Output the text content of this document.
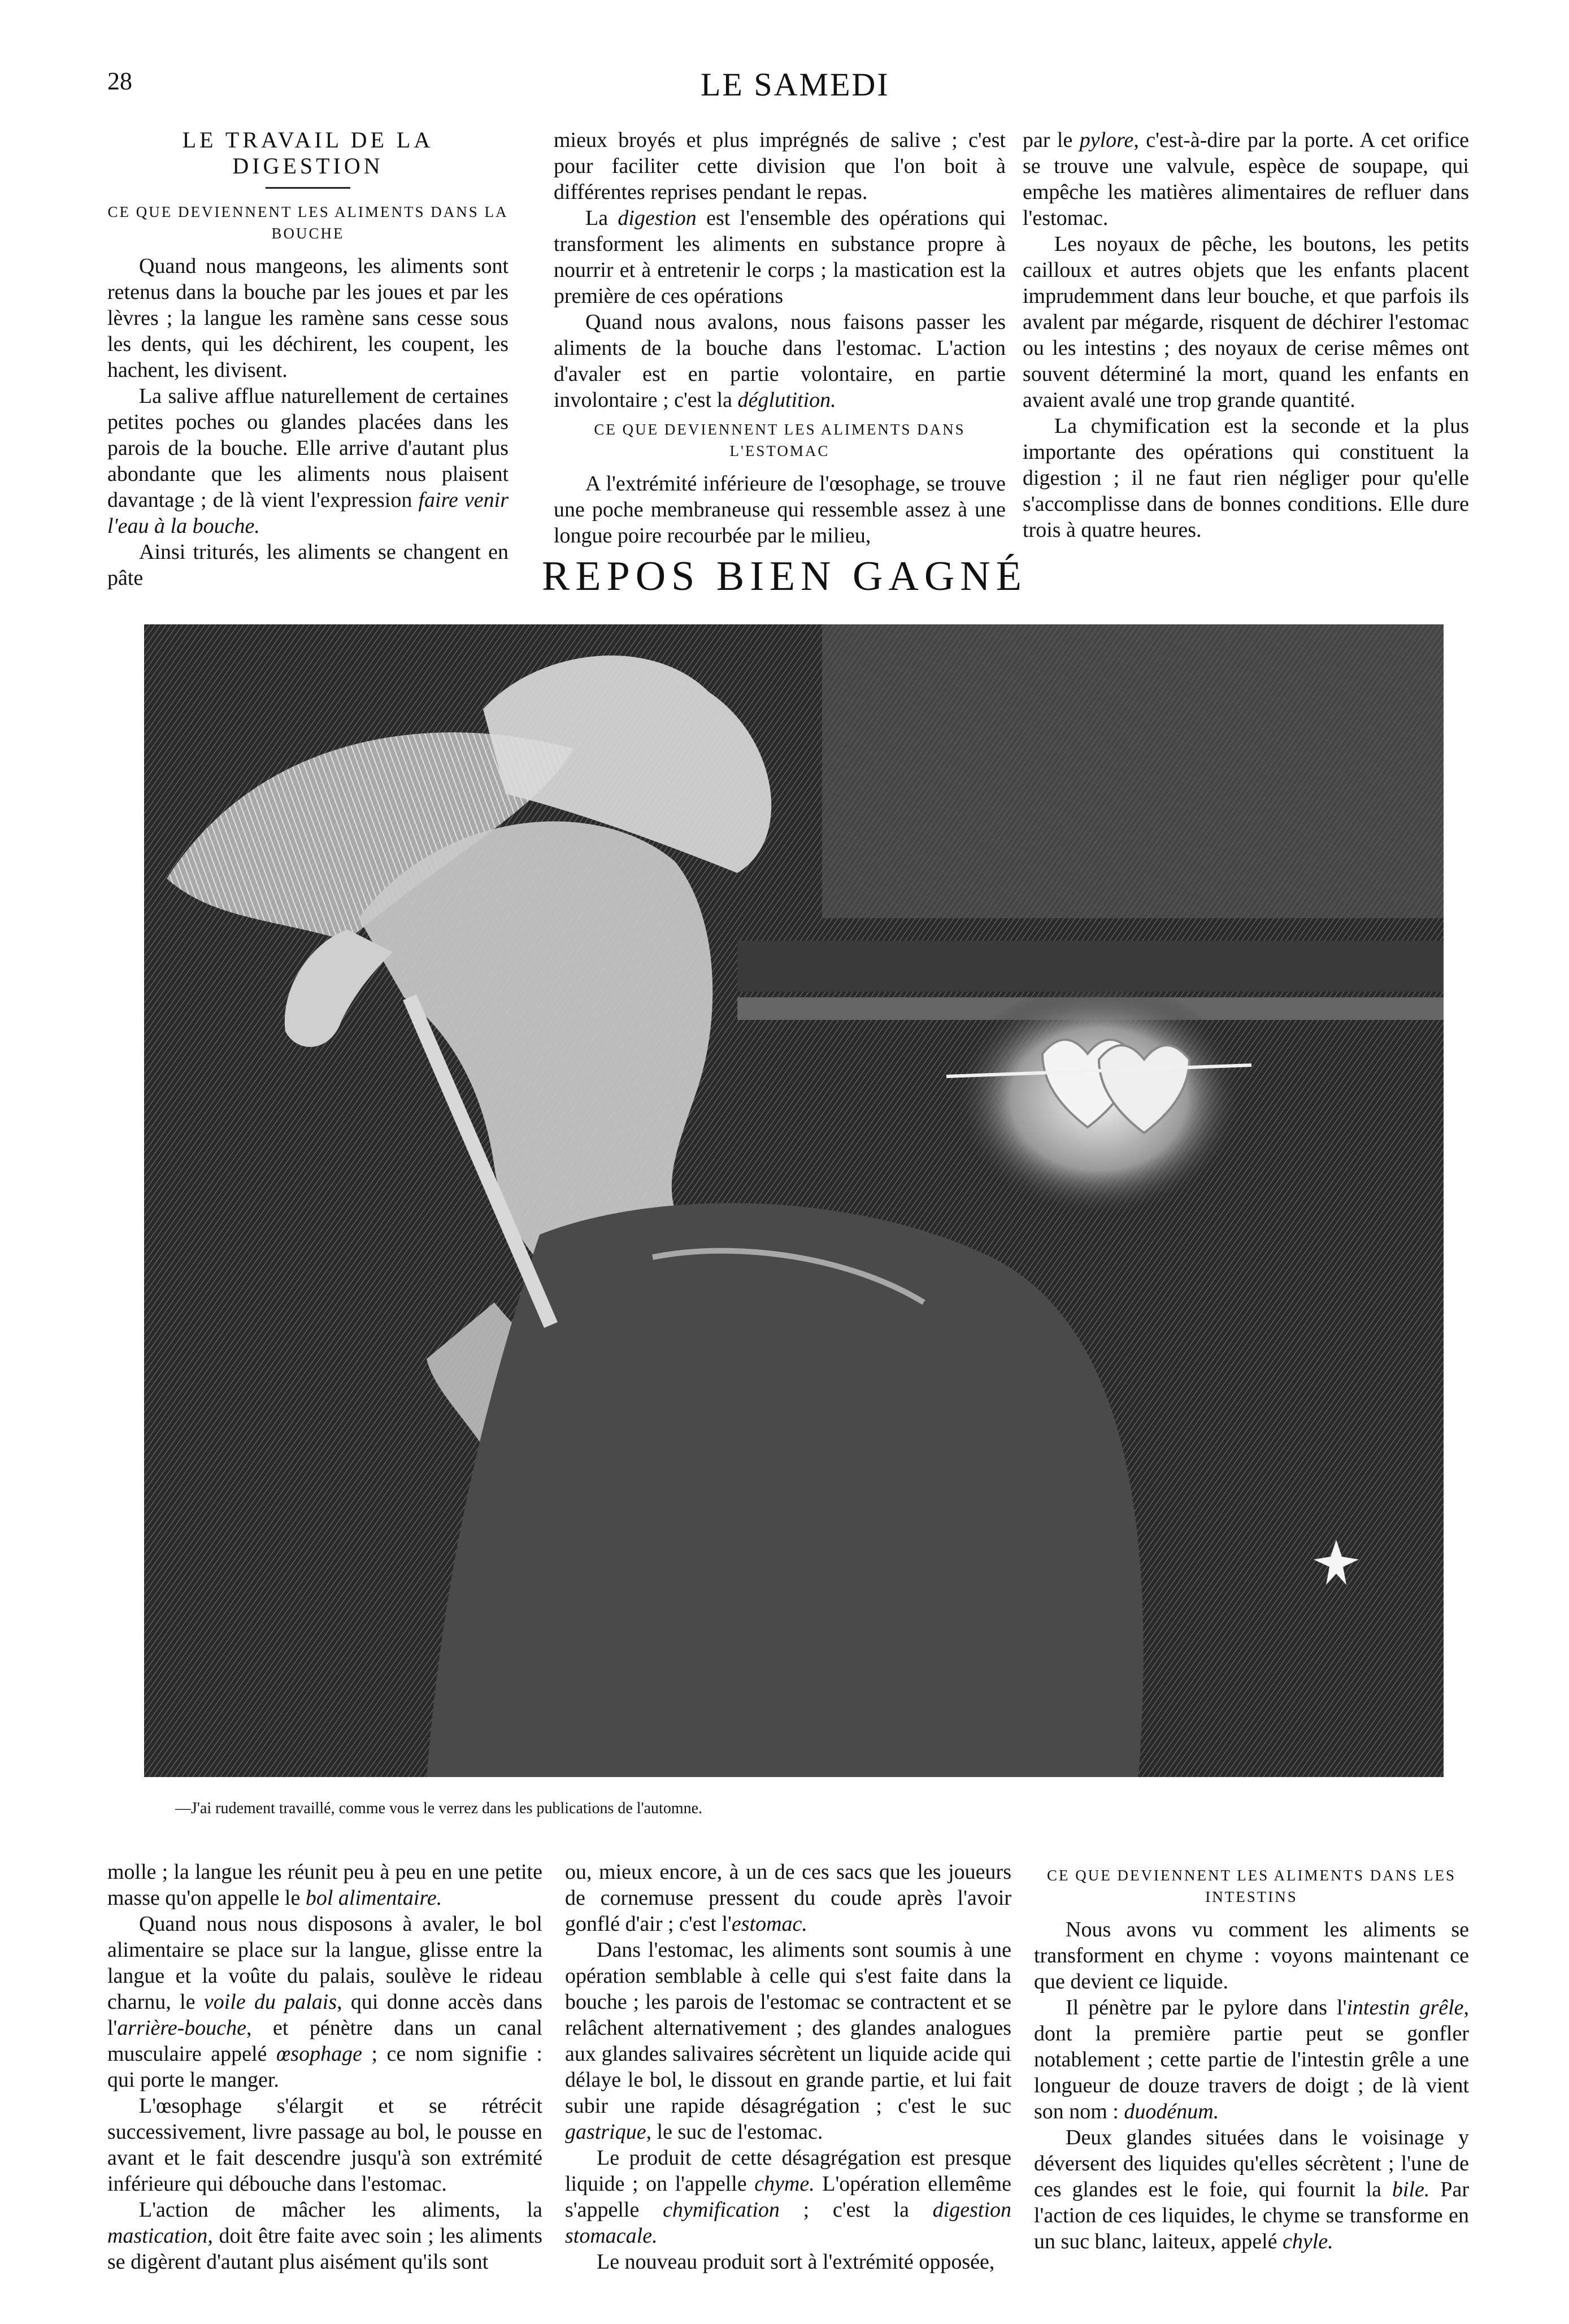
28	LE SAMEDI
LE TRAVAIL DE LA DIGESTION
CE QUE DEVIENNENT LES ALIMENTS DANS LA BOUCHE

Quand nous mangeons, les aliments sont retenus dans la bouche par les joues et par les lèvres ; la langue les ramène sans cesse sous les dents, qui les déchirent, les coupent, les hachent, les divisent.

La salive afflue naturellement de certaines petites poches ou glandes placées dans les parois de la bouche. Elle arrive d'autant plus abondante que les aliments nous plaisent davantage ; de là vient l'expression faire venir l'eau à la bouche.

Ainsi triturés, les aliments se changent en pâte

mieux broyés et plus imprégnés de salive ; c'est pour faciliter cette division que l'on boit à différentes reprises pendant le repas.

La digestion est l'ensemble des opérations qui transforment les aliments en substance propre à nourrir et à entretenir le corps ; la mastication est la première de ces opérations

Quand nous avalons, nous faisons passer les aliments de la bouche dans l'estomac. L'action d'avaler est en partie volontaire, en partie involontaire ; c'est la déglutition.

CE QUE DEVIENNENT LES ALIMENTS DANS L'ESTOMAC

A l'extrémité inférieure de l'œsophage, se trouve une poche membraneuse qui ressemble assez à une longue poire recourbée par le milieu,

par le pylore, c'est-à-dire par la porte. A cet orifice se trouve une valvule, espèce de soupape, qui empêche les matières alimentaires de refluer dans l'estomac.

Les noyaux de pêche, les boutons, les petits cailloux et autres objets que les enfants placent imprudemment dans leur bouche, et que parfois ils avalent par mégarde, risquent de déchirer l'estomac ou les intestins ; des noyaux de cerise mêmes ont souvent déterminé la mort, quand les enfants en avaient avalé une trop grande quantité.

La chymification est la seconde et la plus importante des opérations qui constituent la digestion ; il ne faut rien négliger pour qu'elle s'accomplisse dans de bonnes conditions. Elle dure trois à quatre heures.

REPOS BIEN GAGNÉ
—J'ai rudement travaillé, comme vous le verrez dans les publications de l'automne.

molle ; la langue les réunit peu à peu en une petite masse qu'on appelle le bol alimentaire.

Quand nous nous disposons à avaler, le bol alimentaire se place sur la langue, glisse entre la langue et la voûte du palais, soulève le rideau charnu, le voile du palais, qui donne accès dans l'arrière-bouche, et pénètre dans un canal musculaire appelé œsophage ; ce nom signifie : qui porte le manger.

L'œsophage s'élargit et se rétrécit successivement, livre passage au bol, le pousse en avant et le fait descendre jusqu'à son extrémité inférieure qui débouche dans l'estomac.

L'action de mâcher les aliments, la mastication, doit être faite avec soin ; les aliments se digèrent d'autant plus aisément qu'ils sont

ou, mieux encore, à un de ces sacs que les joueurs de cornemuse pressent du coude après l'avoir gonflé d'air ; c'est l'estomac.

Dans l'estomac, les aliments sont soumis à une opération semblable à celle qui s'est faite dans la bouche ; les parois de l'estomac se contractent et se relâchent alternativement ; des glandes analogues aux glandes salivaires sécrètent un liquide acide qui délaye le bol, le dissout en grande partie, et lui fait subir une rapide désagrégation ; c'est le suc gastrique, le suc de l'estomac.

Le produit de cette désagrégation est presque liquide ; on l'appelle chyme. L'opération ellemême s'appelle chymification ; c'est la digestion stomacale.

Le nouveau produit sort à l'extrémité opposée,

CE QUE DEVIENNENT LES ALIMENTS DANS LES INTESTINS

Nous avons vu comment les aliments se transforment en chyme : voyons maintenant ce que devient ce liquide.

Il pénètre par le pylore dans l'intestin grêle, dont la première partie peut se gonfler notablement ; cette partie de l'intestin grêle a une longueur de douze travers de doigt ; de là vient son nom : duodénum.

Deux glandes situées dans le voisinage y déversent des liquides qu'elles sécrètent ; l'une de ces glandes est le foie, qui fournit la bile. Par l'action de ces liquides, le chyme se transforme en un suc blanc, laiteux, appelé chyle.
